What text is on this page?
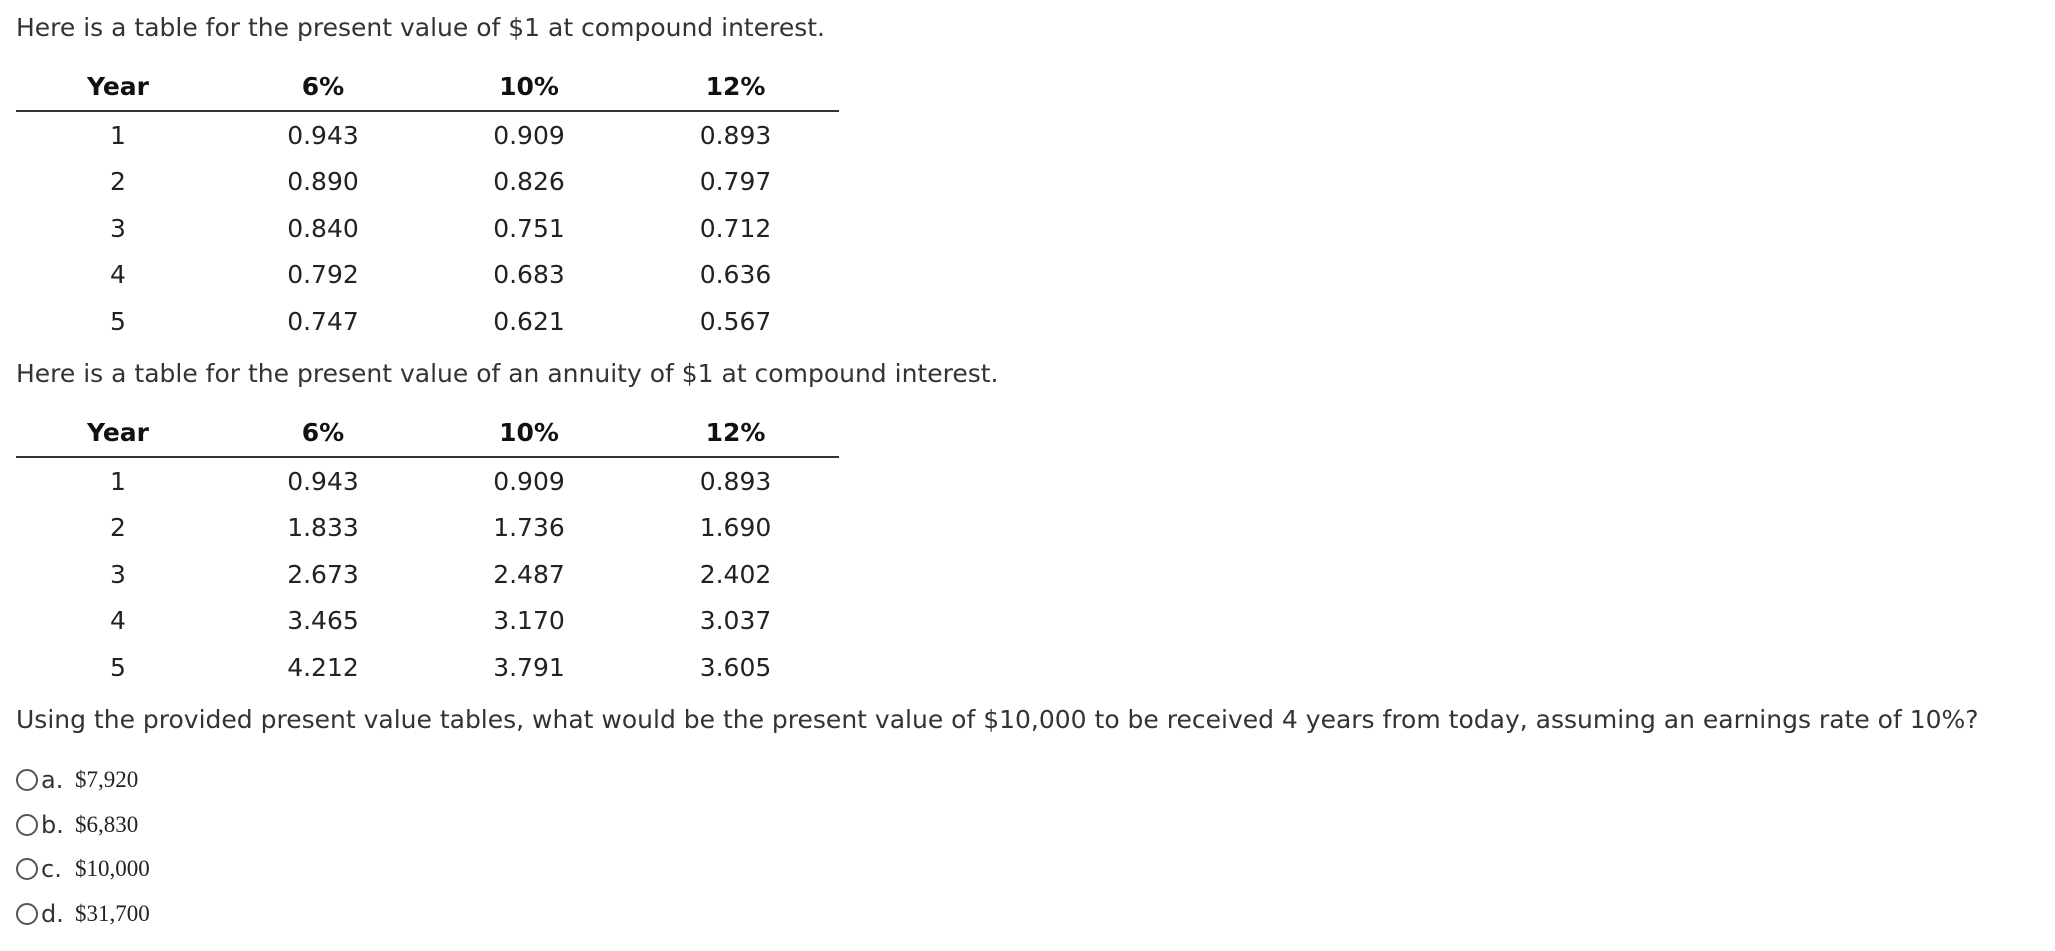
Here is a table for the present value of $1 at compound interest.

Year	6%	10%	12%
1	0.943	0.909	0.893
2	0.890	0.826	0.797
3	0.840	0.751	0.712
4	0.792	0.683	0.636
5	0.747	0.621	0.567

Here is a table for the present value of an annuity of $1 at compound interest.

Year	6%	10%	12%
1	0.943	0.909	0.893
2	1.833	1.736	1.690
3	2.673	2.487	2.402
4	3.465	3.170	3.037
5	4.212	3.791	3.605

Using the provided present value tables, what would be the present value of $10,000 to be received 4 years from today, assuming an earnings rate of 10%?

a. $7,920
b. $6,830
c. $10,000
d. $31,700
